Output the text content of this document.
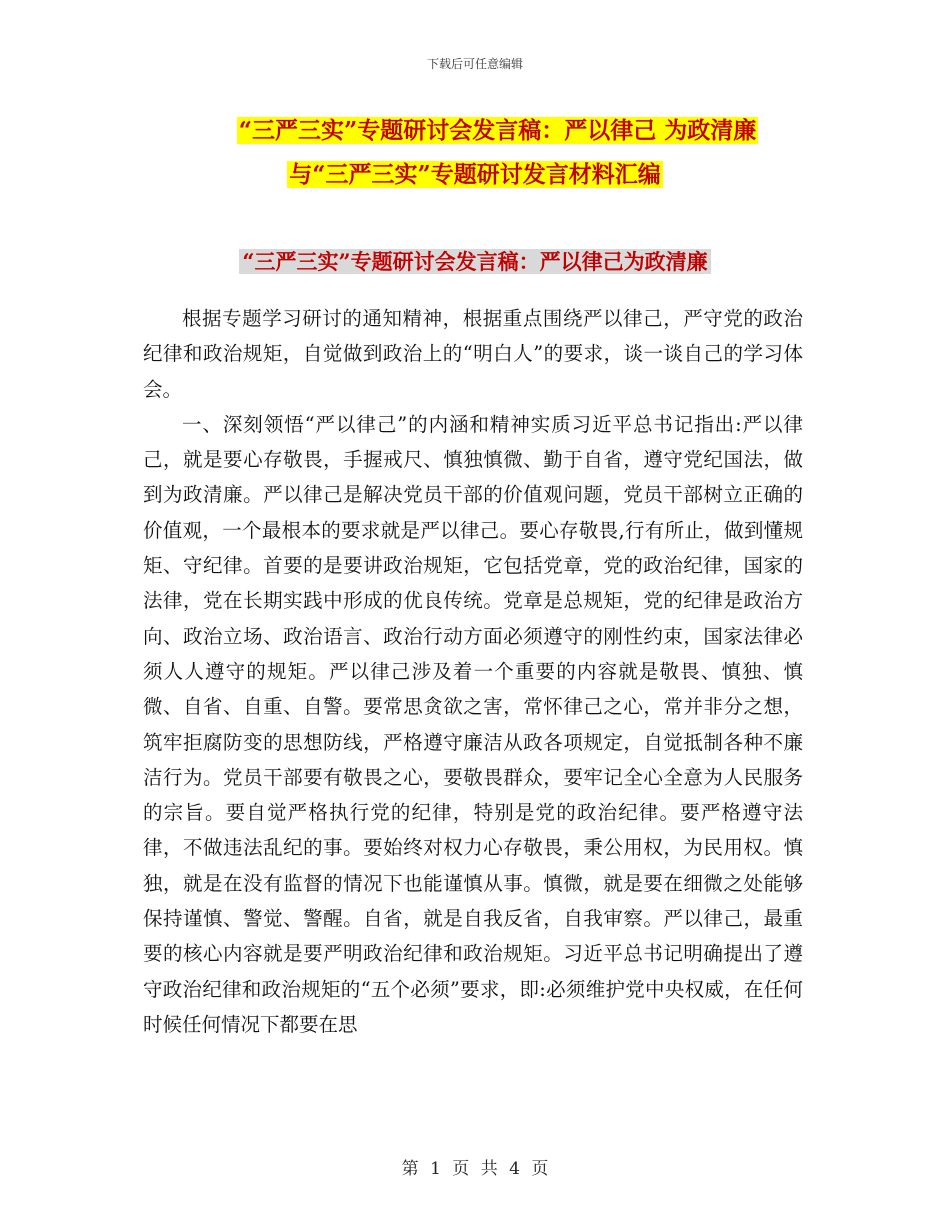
下载后可任意编辑
“三严三实”专题研讨会发言稿：严以律己 为政清廉
与“三严三实”专题研讨发言材料汇编
“三严三实”专题研讨会发言稿：严以律己为政清廉

根据专题学习研讨的通知精神，根据重点围绕严以律己，严守党的政治纪律和政治规矩，自觉做到政治上的“明白人”的要求，谈一谈自己的学习体会。

一、深刻领悟“严以律己”的内涵和精神实质习近平总书记指出:严以律己，就是要心存敬畏，手握戒尺、慎独慎微、勤于自省，遵守党纪国法，做到为政清廉。严以律己是解决党员干部的价值观问题，党员干部树立正确的价值观，一个最根本的要求就是严以律己。要心存敬畏,行有所止，做到懂规矩、守纪律。首要的是要讲政治规矩，它包括党章，党的政治纪律，国家的法律，党在长期实践中形成的优良传统。党章是总规矩，党的纪律是政治方向、政治立场、政治语言、政治行动方面必须遵守的刚性约束，国家法律必须人人遵守的规矩。严以律己涉及着一个重要的内容就是敬畏、慎独、慎微、自省、自重、自警。要常思贪欲之害，常怀律己之心，常并非分之想，筑牢拒腐防变的思想防线，严格遵守廉洁从政各项规定，自觉抵制各种不廉洁行为。党员干部要有敬畏之心，要敬畏群众，要牢记全心全意为人民服务的宗旨。要自觉严格执行党的纪律，特别是党的政治纪律。要严格遵守法律，不做违法乱纪的事。要始终对权力心存敬畏，秉公用权，为民用权。慎独，就是在没有监督的情况下也能谨慎从事。慎微，就是要在细微之处能够保持谨慎、警觉、警醒。自省，就是自我反省，自我审察。严以律己，最重要的核心内容就是要严明政治纪律和政治规矩。习近平总书记明确提出了遵守政治纪律和政治规矩的“五个必须”要求，即:必须维护党中央权威，在任何时候任何情况下都要在思

第 1 页 共 4 页
